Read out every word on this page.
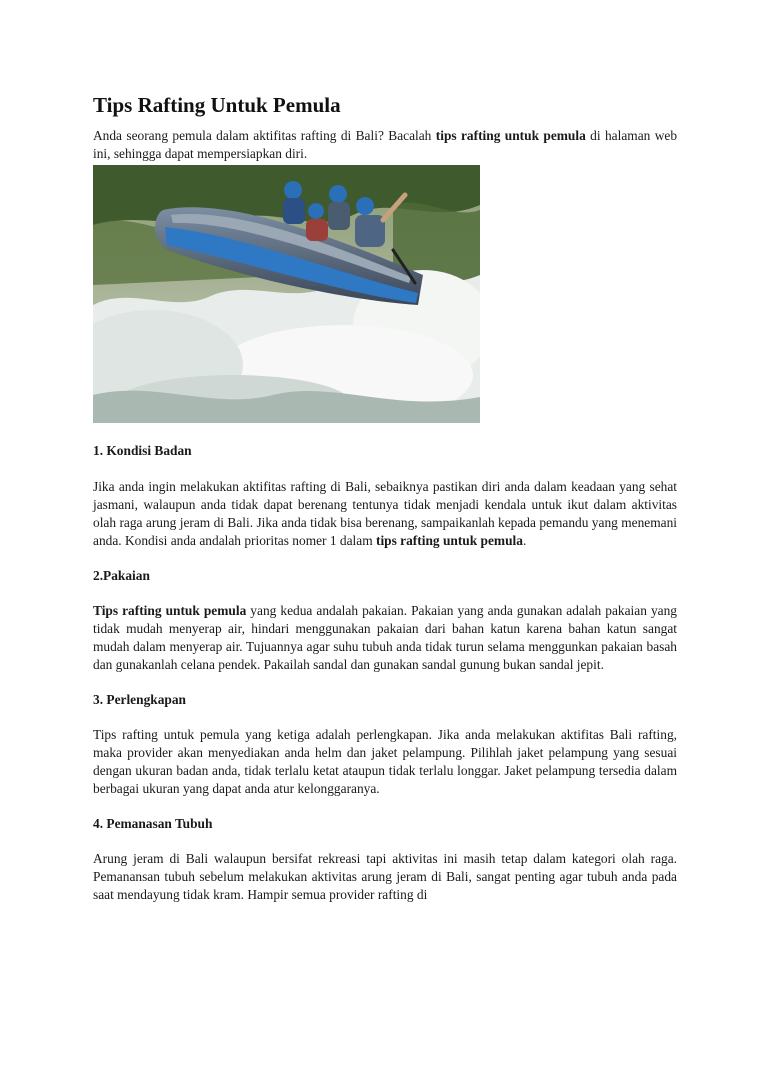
Tips Rafting Untuk Pemula

Anda seorang pemula dalam aktifitas rafting di Bali? Bacalah tips rafting untuk pemula di halaman web ini, sehingga dapat mempersiapkan diri.

1. Kondisi Badan

Jika anda ingin melakukan aktifitas rafting di Bali, sebaiknya pastikan diri anda dalam keadaan yang sehat jasmani, walaupun anda tidak dapat berenang tentunya tidak menjadi kendala untuk ikut dalam aktivitas olah raga arung jeram di Bali. Jika anda tidak bisa berenang, sampaikanlah kepada pemandu yang menemani anda. Kondisi anda andalah prioritas nomer 1 dalam tips rafting untuk pemula.

2.Pakaian

Tips rafting untuk pemula yang kedua andalah pakaian. Pakaian yang anda gunakan adalah pakaian yang tidak mudah menyerap air, hindari menggunakan pakaian dari bahan katun karena bahan katun sangat mudah dalam menyerap air. Tujuannya agar suhu tubuh anda tidak turun selama menggunkan pakaian basah dan gunakanlah celana pendek. Pakailah sandal dan gunakan sandal gunung bukan sandal jepit.

3. Perlengkapan

Tips rafting untuk pemula yang ketiga adalah perlengkapan. Jika anda melakukan aktifitas Bali rafting, maka provider akan menyediakan anda helm dan jaket pelampung. Pilihlah jaket pelampung yang sesuai dengan ukuran badan anda, tidak terlalu ketat ataupun tidak terlalu longgar. Jaket pelampung tersedia dalam berbagai ukuran yang dapat anda atur kelonggaranya.

4. Pemanasan Tubuh

Arung jeram di Bali walaupun bersifat rekreasi tapi aktivitas ini masih tetap dalam kategori olah raga. Pemanansan tubuh sebelum melakukan aktivitas arung jeram di Bali, sangat penting agar tubuh anda pada saat mendayung tidak kram. Hampir semua provider rafting di
